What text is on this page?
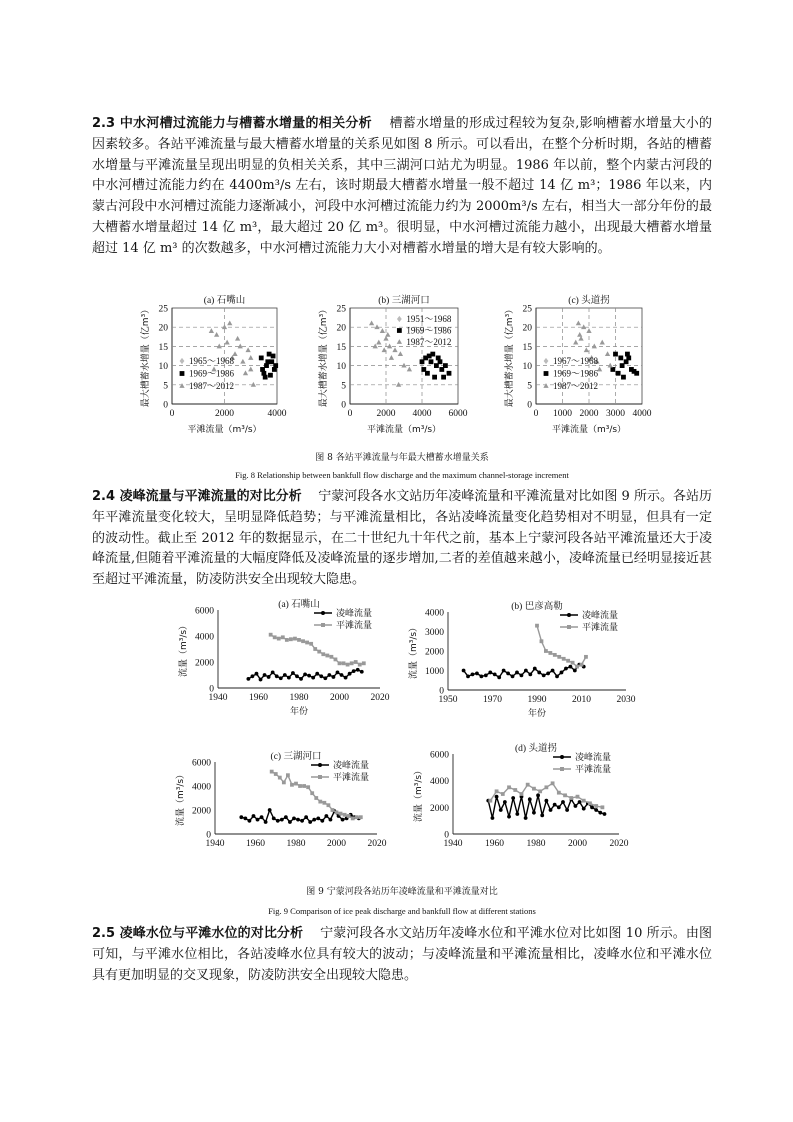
2.3 中水河槽过流能力与槽蓄水增量的相关分析 槽蓄水增量的形成过程较为复杂,影响槽蓄水增量大小的因素较多。各站平滩流量与最大槽蓄水增量的关系见如图 8 所示。可以看出，在整个分析时期，各站的槽蓄水增量与平滩流量呈现出明显的负相关关系，其中三湖河口站尤为明显。1986 年以前，整个内蒙古河段的中水河槽过流能力约在 4400m³/s 左右，该时期最大槽蓄水增量一般不超过 14 亿 m³；1986 年以来，内蒙古河段中水河槽过流能力逐渐减小，河段中水河槽过流能力约为 2000m³/s 左右，相当大一部分年份的最大槽蓄水增量超过 14 亿 m³，最大超过 20 亿 m³。很明显，中水河槽过流能力越小，出现最大槽蓄水增量超过 14 亿 m³ 的次数越多，中水河槽过流能力大小对槽蓄水增量的增大是有较大影响的。

0
5
10
15
20
25
0	2000	4000
(a) 石嘴山
平滩流量（m³/s）
最大槽蓄水增量（亿m³）	1965～1968
1969～1986
1987～2012
0
5
10
15
20
25
0	2000 4000 6000
(b) 三湖河口
平滩流量（m³/s）
最大槽蓄水增量（亿m³）	1951～1968
1969～1986
1987～2012
0
5
10
15
20
25
0 1000 2000 3000 4000
(c) 头道拐
平滩流量（m³/s）
最大槽蓄水增量（亿m³）	1967～1968
1969～1986
1987～2012

图 8 各站平滩流量与年最大槽蓄水增量关系

Fig. 8 Relationship between bankfull flow discharge and the maximum channel-storage increment

2.4 凌峰流量与平滩流量的对比分析 宁蒙河段各水文站历年凌峰流量和平滩流量对比如图 9 所示。各站历年平滩流量变化较大，呈明显降低趋势；与平滩流量相比，各站凌峰流量变化趋势相对不明显，但具有一定的波动性。截止至 2012 年的数据显示，在二十世纪九十年代之前，基本上宁蒙河段各站平滩流量还大于凌峰流量,但随着平滩流量的大幅度降低及凌峰流量的逐步增加,二者的差值越来越小，凌峰流量已经明显接近甚至超过平滩流量，防凌防洪安全出现较大隐患。

0
2000
4000
6000
1940 1960 1980 2000 2020
(a) 石嘴山
年份
流量（m³/s）
凌峰流量
平滩流量
0
1000
2000
3000
4000
1950	1970	1990	2010	2030
(b) 巴彦高勒
年份
流量（m³/s）
凌峰流量
平滩流量
0
2000
4000
6000
1940 1960 1980 2000 2020
(c) 三湖河口
流量（m³/s）
凌峰流量
平滩流量
0
2000
4000
6000
1940 1960 1980 2000 2020
(d) 头道拐
流量（m³/s）
凌峰流量
平滩流量

图 9 宁蒙河段各站历年凌峰流量和平滩流量对比

Fig. 9 Comparison of ice peak discharge and bankfull flow at different stations

2.5 凌峰水位与平滩水位的对比分析 宁蒙河段各水文站历年凌峰水位和平滩水位对比如图 10 所示。由图可知，与平滩水位相比，各站凌峰水位具有较大的波动；与凌峰流量和平滩流量相比，凌峰水位和平滩水位具有更加明显的交叉现象，防凌防洪安全出现较大隐患。
